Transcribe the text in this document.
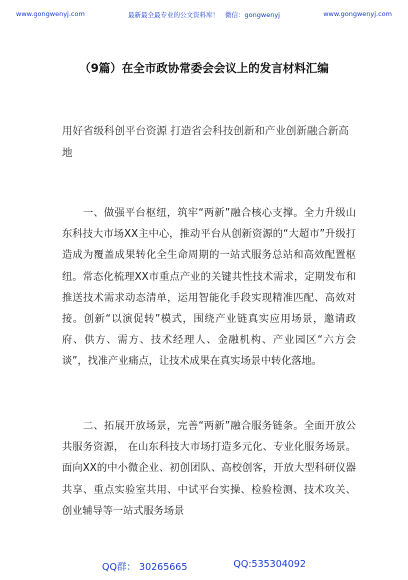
www.gongwenyj.com	最新最全最专业的公文资料库！ 微信：gongwenyj	www.gongwenyj.com
（9篇）在全市政协常委会会议上的发言材料汇编
用好省级科创平台资源 打造省会科技创新和产业创新融合新高地
一、做强平台枢纽，筑牢“两新”融合核心支撑。全力升级山东科技大市场XX主中心，推动平台从创新资源的“大超市”升级打造成为覆盖成果转化全生命周期的一站式服务总站和高效配置枢纽。常态化梳理XX市重点产业的关键共性技术需求，定期发布和推送技术需求动态清单，运用智能化手段实现精准匹配、高效对接。创新“以演促转”模式，围绕产业链真实应用场景，邀请政府、供方、需方、技术经理人、金融机构、产业园区“六方会谈”，找准产业痛点，让技术成果在真实场景中转化落地。
二、拓展开放场景，完善“两新”融合服务链条。全面开放公共服务资源， 在山东科技大市场打造多元化、专业化服务场景。面向XX的中小微企业、初创团队、高校创客，开放大型科研仪器共享、重点实验室共用、中试平台实操、检验检测、技术攻关、创业辅导等一站式服务场景
QQ群： 30265665	QQ:535304092
